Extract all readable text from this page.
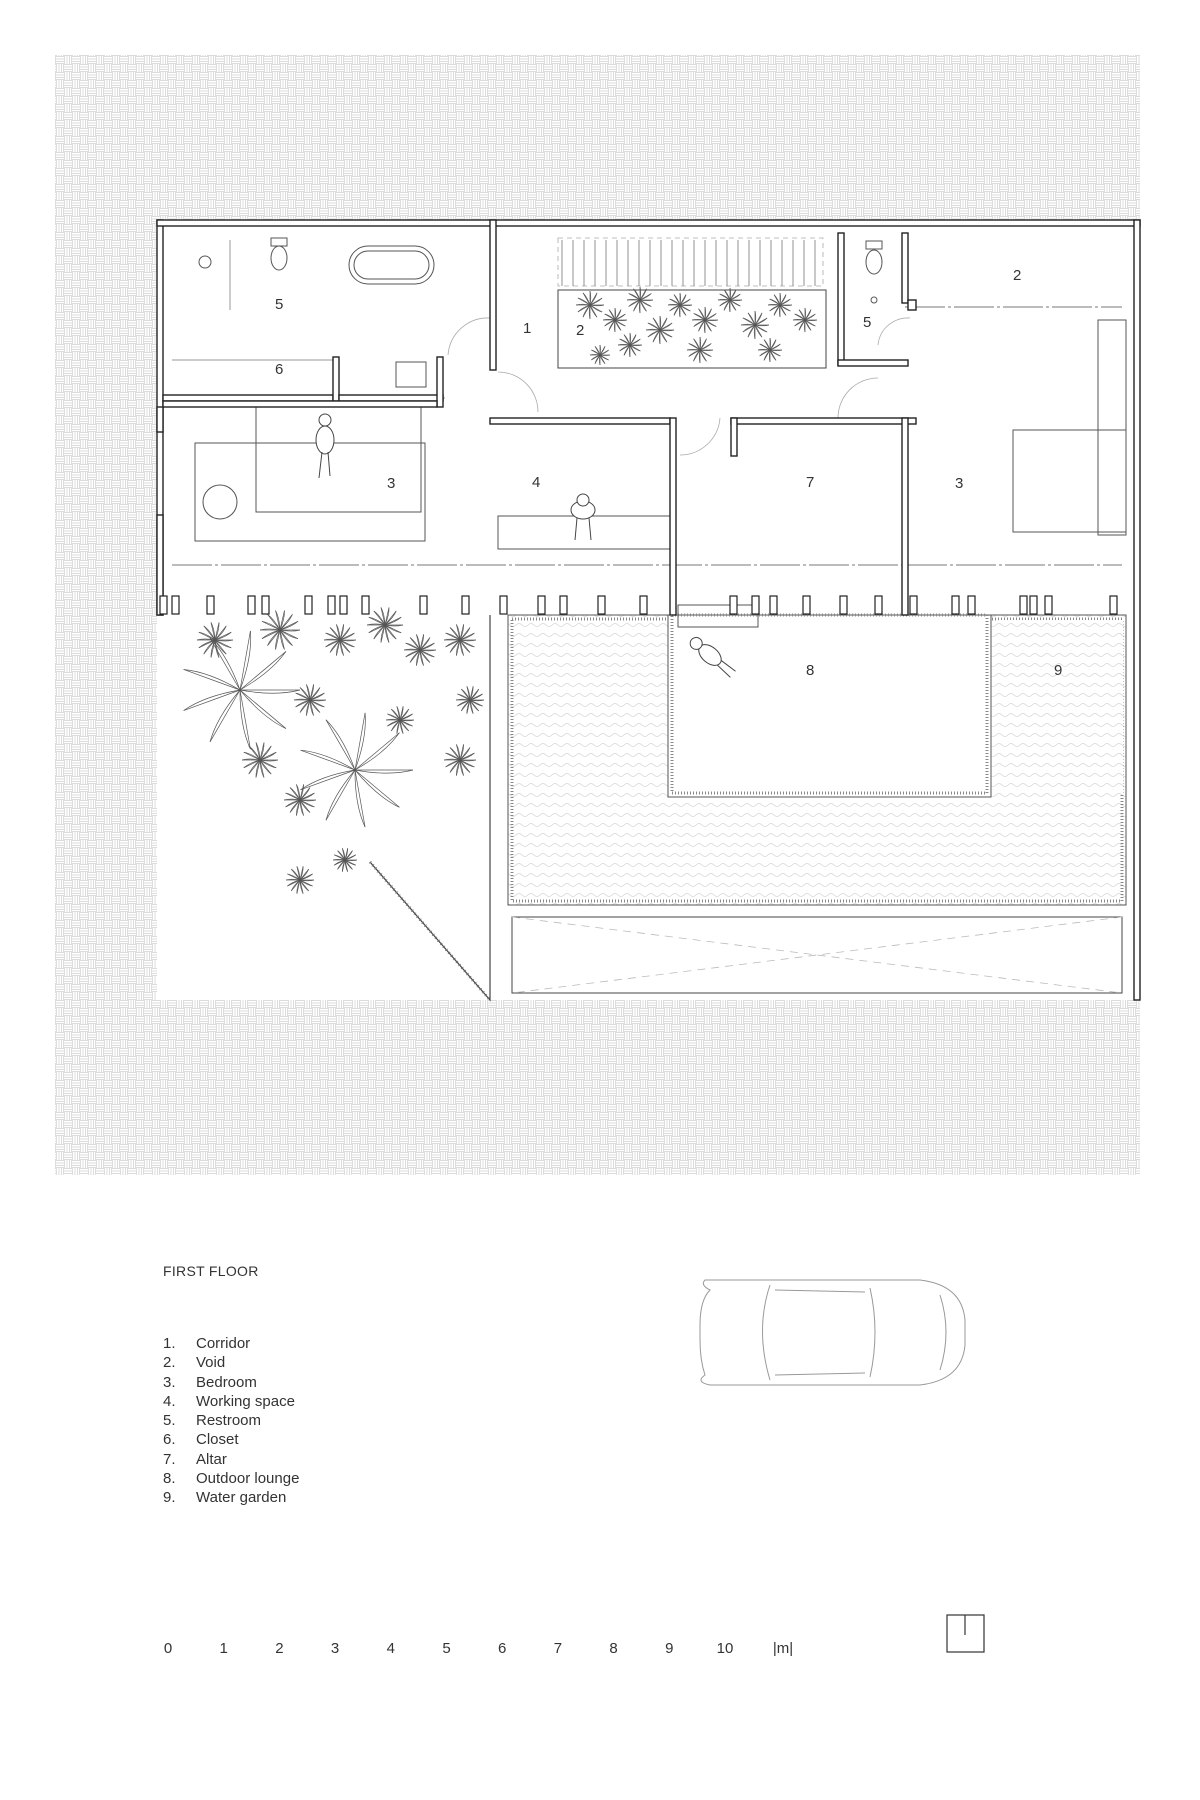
1	2
2
3	3
4
5
5
6
7
8	9
FIRST FLOOR
1.	Corridor
2.	Void
3.	Bedroom
4.	Working space
5.	Restroom
6.	Closet
7.	Altar
8.	Outdoor lounge
9.	Water garden
0	1	2	3	4	5	6	7	8	9	10	|m|
